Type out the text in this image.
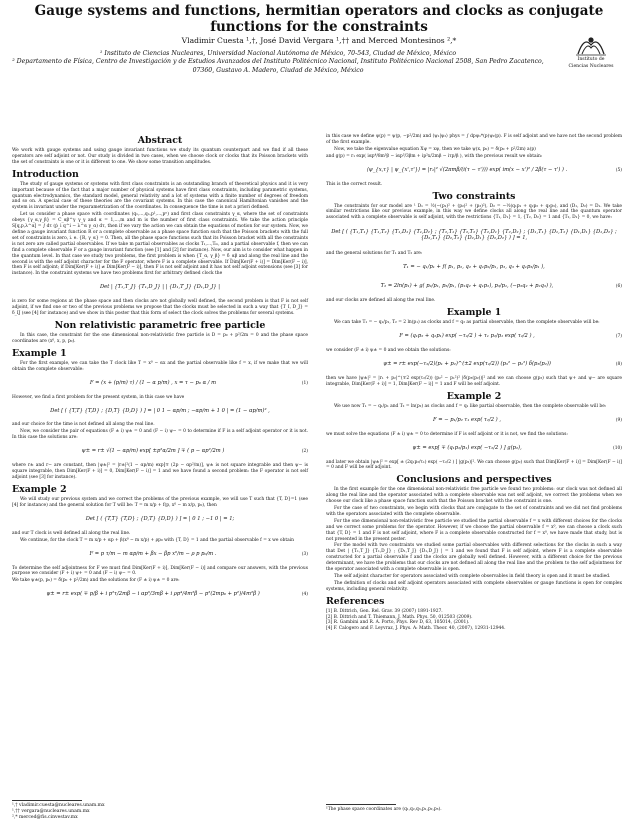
Gauge systems and functions, hermitian operators and clocks as conjugate functions for the constraints
Vladimir Cuesta ¹,†, José David Vergara ¹,†† and Merced Montesinos ²,*
¹ Instituto de Ciencias Nucleares, Universidad Nacional Autónoma de México, 70-543, Ciudad de México, México
² Departamento de Física, Centro de Investigación y de Estudios Avanzados del Instituto Politécnico Nacional, Instituto Politécnico Nacional 2508, San Pedro Zacatenco, 07360, Gustavo A. Madero, Ciudad de México, México
Instituto de
Ciencias Nucleares
Abstract
We work with gauge systems and using gauge invariant functions we study its quantum counterpart and we find if all these operators are self adjoint or not. Our study is divided in two cases, when we choose clock or clocks that its Poisson brackets with the set of constraints is one or it is different to one. We show some transition amplitudes.
Introduction
The study of gauge systems or systems with first class constraints is an outstanding branch of theoretical physics and it is very important because of the fact that a major number of physical systems have first class constraints, including parametric systems, quantum electrodynamics, the standard model, general relativity and a lot of systems with a finite number of degrees of freedom and so on. A special case of these theories are the covariant systems. In this case the canonical Hamiltonian vanishes and the system is invariant under the reparametrization of the coordinates. In consequence the time is not a priori defined.
Let us consider a phase space with coordinates (q₁,...,qₙ,p¹,...,pⁿ) and first class constraints γ_α, where the set of constraints obeys {γ_α,γ_β} = C_αβ^γ γ_γ and α = 1,...,m and m is the number of first class constraints. We take the action principle S[q,p,λ^α] = ∫ dτ (ṗ_i q^i − λ^α γ_α) dτ, then if we vary the action we can obtain the equations of motion for our system. Now, we define a gauge invariant function R or a complete observable as a phase space function such that the Poisson brackets with the full set of constraints is zero, i. e. {R, γ_α} = 0. Then, all the phase space functions such that its Poisson bracket with all the constraints is not zero are called partial observables. If we take m partial observables as clocks T₁,...,Tₘ, and a partial observable f, then we can find a complete observable F or a gauge invariant function (see [1] and [2] for instance). Now, our aim is to consider what happen in the quantum level. In that case we study two problems, the first problem is when {T_α, γ_β} = δ_αβ and along the real line and the second is with the self adjoint character for the F operator, where F is a complete observable. If Dim[Ker(F + i)] = Dim[Ker(F − i)], then F is self adjoint; if Dim[Ker(F + i)] ≠ Dim[Ker(F − i)], then F is not self adjoint and it has not self adjoint extensions (see [3] for instance). In the constraint systems we have two problems first for arbitrary defined clock the
Det | {T₁,T_J} {T₁,D_J} | | {D₁,T_J} {D₁,D_J} |
is zero for some regions at the phase space and then clocks are not globally well defined, the second problem is that F is not self adjoint, if we find one or two of the previous problems we propose that the clocks must be selected in such a way that {T_I, D_J} = δ_IJ (see [4] for instance) and we show in this poster that this form of select the clock solves the problems for several systems.
Non relativistic parametric free particle
In this case, the constraint for the one dimensional non-relativistic free particle is D = p₀ + p²/2m = 0 and the phase space coordinates are (x⁰, x, p, p₀).
Example 1
For the first example, we can take the T clock like T = x⁰ − αx and the partial observable like f = x, if we make that we will obtain the complete observable:
F = (x + (p/m) τ) / (1 − α p/m) , x = τ − p₀ α / m	(1)
However, we find a first problem for the present system, in this case we have
Det [ ( {T,T} {T,D} ; {D,T} {D,D} ) ] = | 0 1 − αp/m ; −αp/m + 1 0 | = (1 − αp/m)² ,
and our choice for the time is not defined all along the real line.
Now, we consider the pair of equations (F ± i) ψ± = 0 and (F − i) ψ− = 0 to determine if F is a self adjoint operator or it is not. In this case the solutions are:
ψ± = r± √(1 − αp/m) exp[ ±p²α/2m ] ∓ ( p − αp²/2m )	(2)
where r± and r− are constant, then |ψ±|² = |r±|²(1 − αp/m) exp[∓ (2p − αp²/m)], ψ± is not square integrable and then ψ− is square integrable, then Dim[Ker(F + i)] = 0, Dim[Ker(F − i)] = 1 and we have found a second problem: the F operator is not self adjoint (see [3] for instance).
Example 2
We will study our previous system and we correct the problems of the previous example, we will use T such that {T, D}=1 (see [4] for instance) and the general solution for T will be: T = m x/p + f(p, x⁰ − m x/p, p₀), then
Det [ ( {T,T} {T,D} ; {D,T} {D,D} ) ] = | 0 1 ; −1 0 | = 1;
and our T clock is well defined all along the real line.
We continue, for the clock T = m x/p + αp + β(x⁰ − m x/p) + ρp₀ with {T, D} = 1 and the partial observable f = x we obtain
F = p τ/m − m αp/m + βx − βp x⁰/m − ρ p p₀/m .	(3)
To determine the self adjointness for F we must find Dim[Ker(F + i)], Dim[Ker(F − i)] and compare our answers, with the previous purpose we consider (F + i) ψ+ = 0 and (F − i) ψ− = 0.
We take ψ±(p, p₀) = δ(p₀ + p²/2m) and the solutions for (F ± i) ψ± = 0 are:
ψ± = r± exp( ∓ p/β + i p²τ/2mβ − i αp³/3mβ + i ρp⁴/4m²β − p²(2mp₀ + p²)/4m²β )	(4)
¹,† vladimir.cuesta@nucleares.unam.mx
¹,†† vergara@nucleares.unam.mx
²,* merced@fis.cinvestav.mx
in this case we define ψ(p) = ψ(p, −p²/2m) and ⟨ψ₁|ψ₂⟩ phys = ∫ dpψ₁*(p)ψ₂(p). F is self adjoint and we have not the second problem of the first example.
Now, we take the eigenvalue equation Xψ = xψ, then we take ψ(x, p₀) = δ(p₀ + p²/2m) a(p)
and g(p) = r₁ exp( iαp⁴/8m³β − iαp³/3βm + ip²x/2mβ − iτp/β ), with the previous result we obtain:
⟨ψ_{x,τ} | ψ_{x',τ'}⟩ = |r₁|² √(2πmβ/(i(τ − τ'))) exp( im(x − x')² / 2β(τ − τ') ) .	(5)
This is the correct result.
Two constraints
The constraints for our model are ¹ D₁ = ½(−(p₁)² + (p₂)² + (p₃)²), D₂ = −½(q₁p₁ + q₂p₂ + q₃p₃), and (D₁, D₂) = D₁. We take similar restrictions like our previous example, in this way we define clocks all along the real line and the quantum operator associated with a complete observable is self adjoint, with the restrictions {T₁, D₁} = 1, {T₂, D₂} = 1 and {T₂, D₁} = 0, we have:
Det [ ( {T₁,T₁} {T₁,T₂} {T₁,D₁} {T₁,D₂} ; {T₂,T₁} {T₂,T₂} {T₂,D₁} {T₂,D₂} ; {D₁,T₁} {D₁,T₂} {D₁,D₁} {D₁,D₂} ; {D₂,T₁} {D₂,T₂} {D₂,D₁} {D₂,D₂} ) ] = 1,
and the general solutions for T₁ and T₂ are:
T₁ = − q₁/p₁ + f( p₁, p₂, q₂ + q₁p₂/p₁, p₃, q₃ + q₁p₃/p₁ ),
T₂ = 2ln(p₁) + g( p₂/p₁, p₃/p₁, (p₁q₂ + q₁p₂), p₃/p₁, (−p₃q₂ + p₂q₃) ),	(6)
and our clocks are defined all along the real line.
Example 1
We can take T₁ = − q₁/p₁, T₂ = 2 ln(p₁) as clocks and f = q₂ as partial observable, then the complete observable will be:
F = (q₁p₂ + q₂p₁) exp( −τ₂/2 ) + τ₁ p₂/p₁ exp( τ₂/2 ) ,	(7)
we consider (F ± i) ψ± = 0 and we obtain the solutions:
ψ± = r± exp(−τ₂/2)(p₁ + p₂)^(±2 exp(τ₂/2)) (p₃² − p₂²) δ(p₃(p₂))	(8)
then we have |ψ±|² = |r₁ + p₂|^(∓2 exp(τ₂/2)) (p₂² − p₁²)² |δ(p₃(p₂))|² and we can choose g(p₃) such that ψ+ and ψ− are square integrable, Dim[Ker(F + i)] = 1, Dim[Ker(F − i)] = 1 and F will be self adjoint.
Example 2
We use now T₁ = − q₁/p₁ and T₂ = ln(p₂) as clocks and f = q₁ like partial observable, then the complete observable will be:
F = − p₁/p₂ τ₁ exp( τ₂/2 ) ,	(9)
we must solve the equations (F ± i) ψ± = 0 to determine if F is self adjoint or it is not, we find the solutions:
ψ± = exp[ ∓ (q₁p₂/p₁) exp( −τ₂/2 ) ] g(p₂),	(10)
and later we obtain |ψ±|² = exp[ ± (2q₁p₂/τ₁) exp( −τ₂/2 ) ] |g(p₂)|². We can choose g(p₂) such that Dim[Ker(F + i)] = Dim[Ker(F − i)] = 0 and F will be self adjoint.
Conclusions and perspectives
In the first example for the one dimensional non-relativistic free particle we found two problems: our clock was not defined all along the real line and the operator associated with a complete observable was not self adjoint, we correct the problems when we choose our clock like a phase space function such that the Poisson bracket with the constraint is one.
For the case of two constraints, we begin with clocks that are conjugate to the set of constraints and we did not find problems with the operators associated with the complete observable.
For the one dimensional non-relativistic free particle we studied the partial observable f = x with different choices for the clocks and we correct some problems for the operator. However, if we choose the partial observable f = x⁰, we can choose a clock such that {T, D} = 1 and F is not self adjoint, where F is a complete observable constructed for f = x⁰, we have made that study, but is not presented in the present poster.
For the model with two constraints we studied some partial observables with different selections for the clocks in such a way that Det | {T₁,T_J} {T₁,D_J} ; {D₁,T_J} {D₁,D_J} | = 1 and we found that F is self adjoint, where F is a complete observable constructed for a partial observable f and the clocks are globally well defined. However, with a different choice for the previous determinant, we have the problems that our clocks are not defined all along the real line and the problem to the self adjointness for the operator associated with a complete observable is open.
The self adjoint character for operators associated with complete observables in field theory is open and it must be studied.
The definition of clocks and self adjoint operators associated with complete observables or gauge functions is open for complex systems, including general relativity.
References
[1] B. Dittrich, Gen. Rel. Grav. 39 (2007) 1891-1927.
[2] B. Dittrich and T. Thiemann, J. Math. Phys. 50, 012503 (2009).
[3] R. Gambini and R. A. Porto, Phys. Rev D, 63, 105014, (2001).
[4] F. Calogero and F. Leyvraz, J. Phys. A: Math. Theor. 40, (2007), 12931-12944.
¹The phase space coordinates are (q₁,q₂,q₃,p₁,p₂,p₃).
